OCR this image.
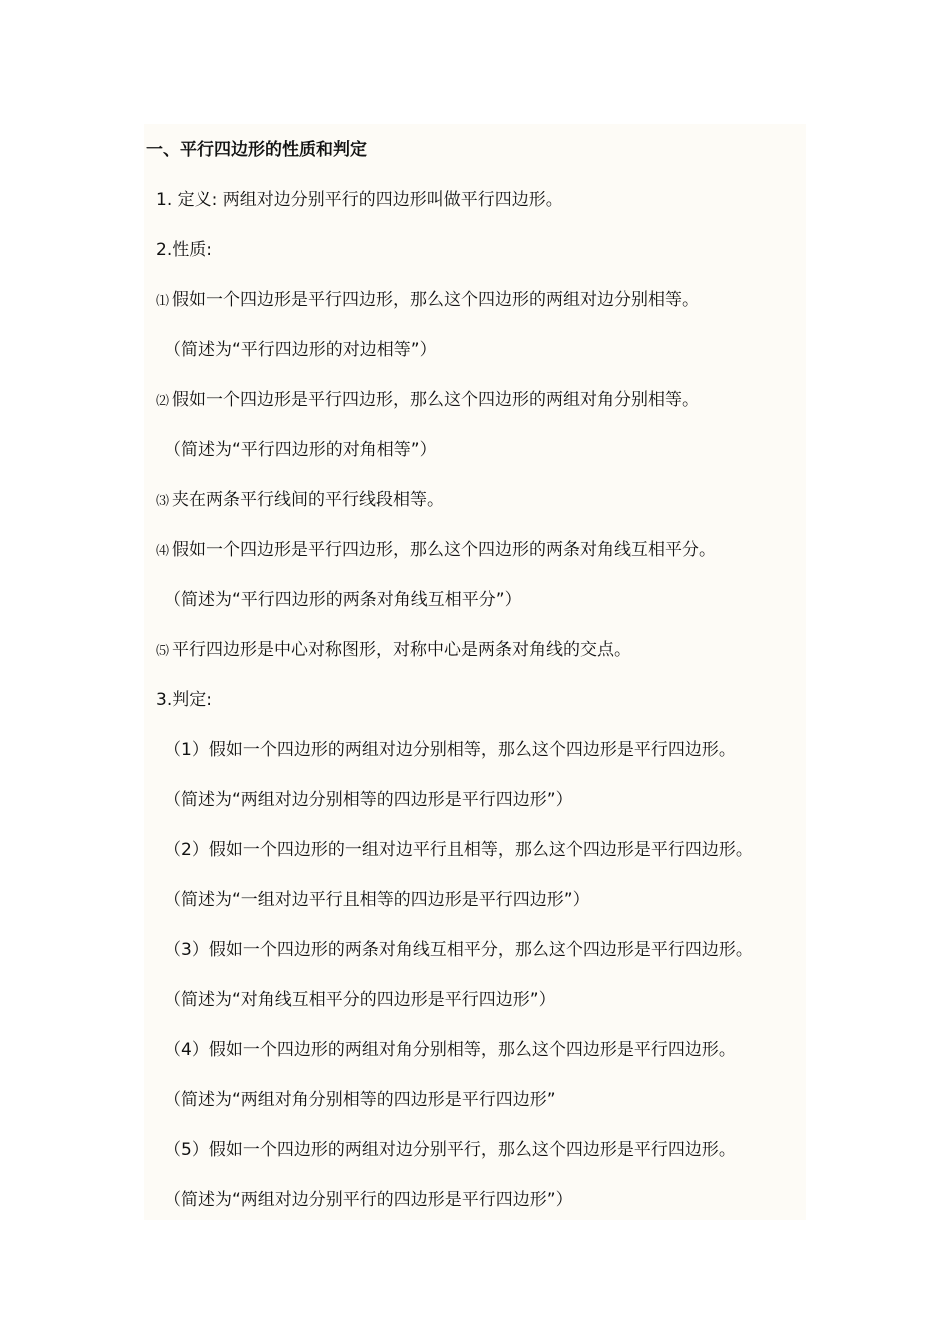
一、平行四边形的性质和判定
1. 定义: 两组对边分别平行的四边形叫做平行四边形。
2.性质:
⑴ 假如一个四边形是平行四边形，那么这个四边形的两组对边分别相等。
（简述为“平行四边形的对边相等”）
⑵ 假如一个四边形是平行四边形，那么这个四边形的两组对角分别相等。
（简述为“平行四边形的对角相等”）
⑶ 夹在两条平行线间的平行线段相等。
⑷ 假如一个四边形是平行四边形，那么这个四边形的两条对角线互相平分。
（简述为“平行四边形的两条对角线互相平分”）
⑸ 平行四边形是中心对称图形，对称中心是两条对角线的交点。
3.判定:
（1）假如一个四边形的两组对边分别相等，那么这个四边形是平行四边形。
（简述为“两组对边分别相等的四边形是平行四边形”）
（2）假如一个四边形的一组对边平行且相等，那么这个四边形是平行四边形。
（简述为“一组对边平行且相等的四边形是平行四边形”）
（3）假如一个四边形的两条对角线互相平分，那么这个四边形是平行四边形。
（简述为“对角线互相平分的四边形是平行四边形”）
（4）假如一个四边形的两组对角分别相等，那么这个四边形是平行四边形。
（简述为“两组对角分别相等的四边形是平行四边形”
（5）假如一个四边形的两组对边分别平行，那么这个四边形是平行四边形。
（简述为“两组对边分别平行的四边形是平行四边形”）
